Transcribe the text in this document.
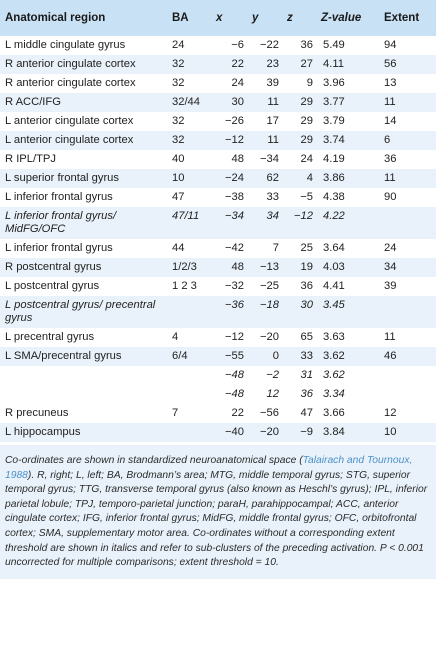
Anatomical region	BA	x	y	z	Z-value	Extent
L middle cingulate gyrus	24	−6	−22	36	5.49	94
R anterior cingulate cortex	32	22	23	27	4.11	56
R anterior cingulate cortex	32	24	39	9	3.96	13
R ACC/IFG	32/44	30	11	29	3.77	11
L anterior cingulate cortex	32	−26	17	29	3.79	14
L anterior cingulate cortex	32	−12	11	29	3.74	6
R IPL/TPJ	40	48	−34	24	4.19	36
L superior frontal gyrus	10	−24	62	4	3.86	11
L inferior frontal gyrus	47	−38	33	−5	4.38	90
L inferior frontal gyrus/ MidFG/OFC	47/11	−34	34	−12	4.22	
L inferior frontal gyrus	44	−42	7	25	3.64	24
R postcentral gyrus	1/2/3	48	−13	19	4.03	34
L postcentral gyrus	1 2 3	−32	−25	36	4.41	39
L postcentral gyrus/ precentral gyrus		−36	−18	30	3.45	
L precentral gyrus	4	−12	−20	65	3.63	11
L SMA/precentral gyrus	6/4	−55	0	33	3.62	46
		−48	−2	31	3.62	
		−48	12	36	3.34	
R precuneus	7	22	−56	47	3.66	12
L hippocampus		−40	−20	−9	3.84	10
Co-ordinates are shown in standardized neuroanatomical space (Talairach and Tournoux, 1988). R, right; L, left; BA, Brodmann’s area; MTG, middle temporal gyrus; STG, superior temporal gyrus; TTG, transverse temporal gyrus (also known as Heschl’s gyrus); IPL, inferior parietal lobule; TPJ, temporo-parietal junction; paraH, parahippocampal; ACC, anterior cingulate cortex; IFG, inferior frontal gyrus; MidFG, middle frontal gyrus; OFC, orbitofrontal cortex; SMA, supplementary motor area. Co-ordinates without a corresponding extent threshold are shown in italics and refer to sub-clusters of the preceding activation. P < 0.001 uncorrected for multiple comparisons; extent threshold = 10.
